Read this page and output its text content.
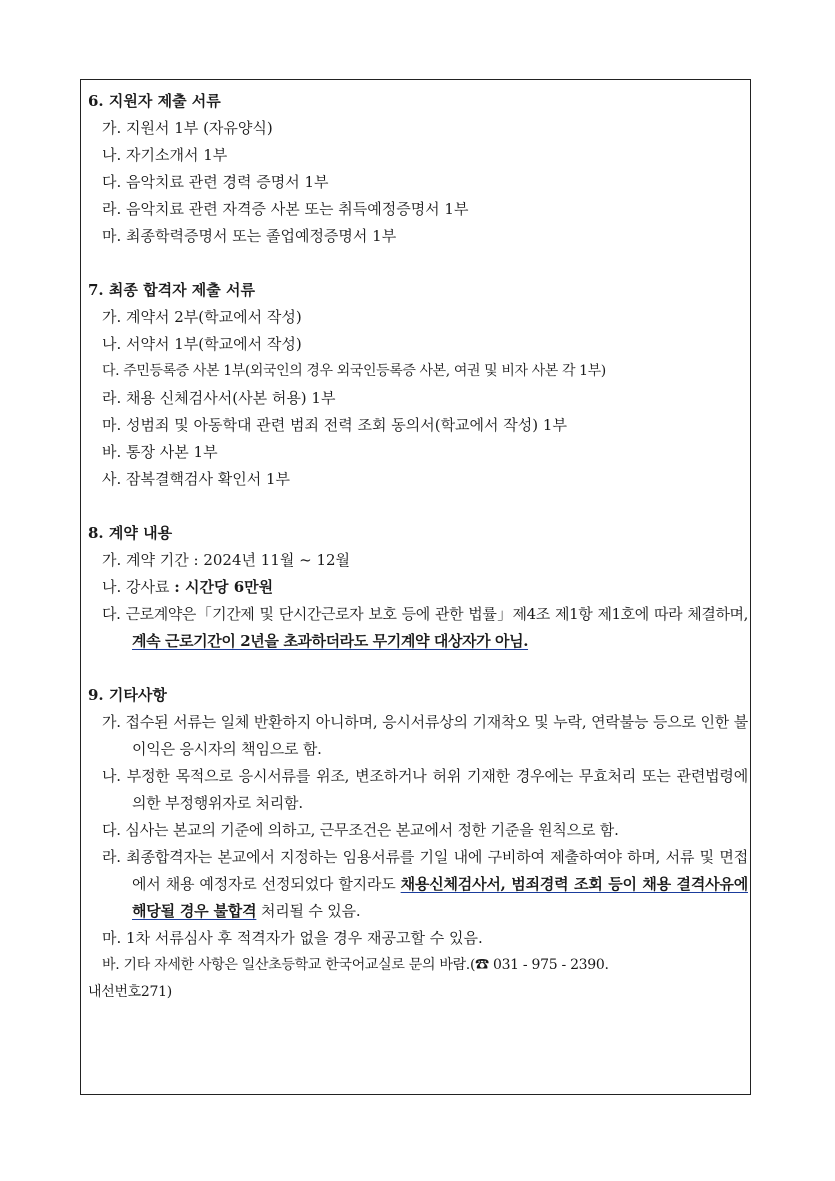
6. 지원자 제출 서류
가. 지원서 1부 (자유양식)
나. 자기소개서 1부
다. 음악치료 관련 경력 증명서 1부
라. 음악치료 관련 자격증 사본 또는 취득예정증명서 1부
마. 최종학력증명서 또는 졸업예정증명서 1부
7. 최종 합격자 제출 서류
가. 계약서 2부(학교에서 작성)
나. 서약서 1부(학교에서 작성)
다. 주민등록증 사본 1부(외국인의 경우 외국인등록증 사본, 여권 및 비자 사본 각 1부)
라. 채용 신체검사서(사본 허용) 1부
마. 성범죄 및 아동학대 관련 범죄 전력 조회 동의서(학교에서 작성) 1부
바. 통장 사본 1부
사. 잠복결핵검사 확인서 1부
8. 계약 내용
가. 계약 기간 : 2024년 11월 ~ 12월
나. 강사료 : 시간당 6만원
다. 근로계약은「기간제 및 단시간근로자 보호 등에 관한 법률」제4조 제1항 제1호에 따라 체결하며, 계속 근로기간이 2년을 초과하더라도 무기계약 대상자가 아님.
9. 기타사항
가. 접수된 서류는 일체 반환하지 아니하며, 응시서류상의 기재착오 및 누락, 연락불능 등으로 인한 불이익은 응시자의 책임으로 함.
나. 부정한 목적으로 응시서류를 위조, 변조하거나 허위 기재한 경우에는 무효처리 또는 관련법령에 의한 부정행위자로 처리함.
다. 심사는 본교의 기준에 의하고, 근무조건은 본교에서 정한 기준을 원칙으로 함.
라. 최종합격자는 본교에서 지정하는 임용서류를 기일 내에 구비하여 제출하여야 하며, 서류 및 면접에서 채용 예정자로 선정되었다 할지라도 채용신체검사서, 범죄경력 조회 등이 채용 결격사유에 해당될 경우 불합격 처리될 수 있음.
마. 1차 서류심사 후 적격자가 없을 경우 재공고할 수 있음.
바. 기타 자세한 사항은 일산초등학교 한국어교실로 문의 바람.(☎ 031 - 975 - 2390.
내선번호271)
